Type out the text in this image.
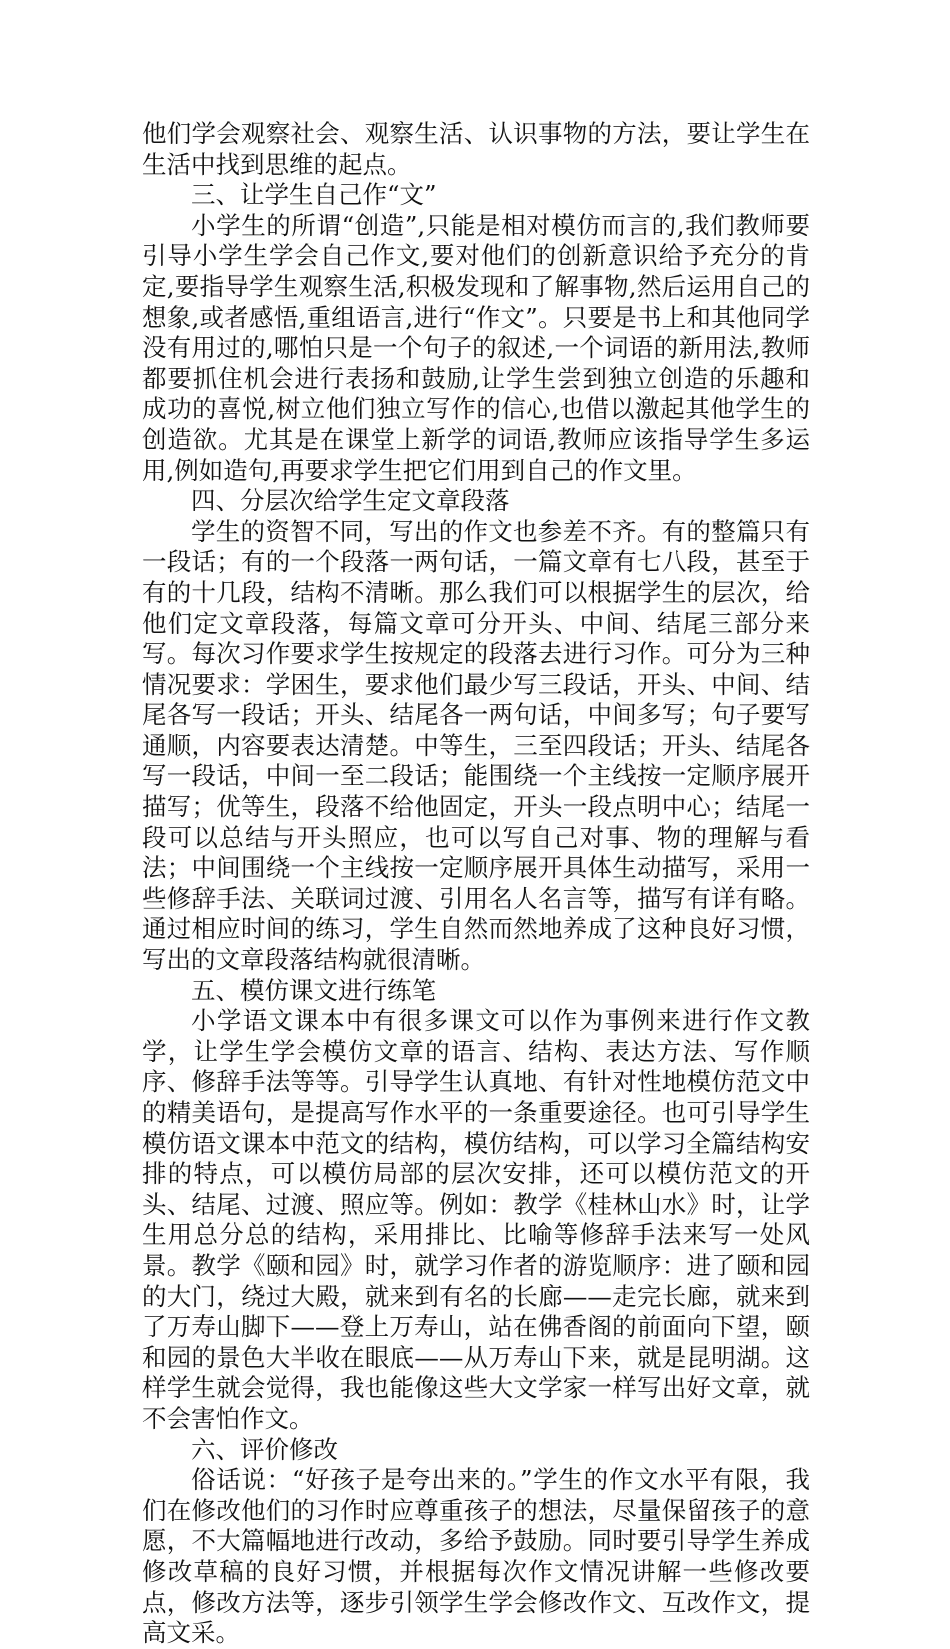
他们学会观察社会、观察生活、认识事物的方法，要让学生在生活中找到思维的起点。

三、让学生自己作“文”

小学生的所谓“创造”,只能是相对模仿而言的,我们教师要引导小学生学会自己作文,要对他们的创新意识给予充分的肯定,要指导学生观察生活,积极发现和了解事物,然后运用自己的想象,或者感悟,重组语言,进行“作文”。只要是书上和其他同学没有用过的,哪怕只是一个句子的叙述,一个词语的新用法,教师都要抓住机会进行表扬和鼓励,让学生尝到独立创造的乐趣和成功的喜悦,树立他们独立写作的信心,也借以激起其他学生的创造欲。尤其是在课堂上新学的词语,教师应该指导学生多运用,例如造句,再要求学生把它们用到自己的作文里。

四、分层次给学生定文章段落

学生的资智不同，写出的作文也参差不齐。有的整篇只有一段话；有的一个段落一两句话，一篇文章有七八段，甚至于有的十几段，结构不清晰。那么我们可以根据学生的层次，给他们定文章段落，每篇文章可分开头、中间、结尾三部分来写。每次习作要求学生按规定的段落去进行习作。可分为三种情况要求：学困生，要求他们最少写三段话，开头、中间、结尾各写一段话；开头、结尾各一两句话，中间多写；句子要写通顺，内容要表达清楚。中等生，三至四段话；开头、结尾各写一段话，中间一至二段话；能围绕一个主线按一定顺序展开描写；优等生，段落不给他固定，开头一段点明中心；结尾一段可以总结与开头照应，也可以写自己对事、物的理解与看法；中间围绕一个主线按一定顺序展开具体生动描写，采用一些修辞手法、关联词过渡、引用名人名言等，描写有详有略。通过相应时间的练习，学生自然而然地养成了这种良好习惯，写出的文章段落结构就很清晰。

五、模仿课文进行练笔

小学语文课本中有很多课文可以作为事例来进行作文教学，让学生学会模仿文章的语言、结构、表达方法、写作顺序、修辞手法等等。引导学生认真地、有针对性地模仿范文中的精美语句，是提高写作水平的一条重要途径。也可引导学生模仿语文课本中范文的结构，模仿结构，可以学习全篇结构安排的特点，可以模仿局部的层次安排，还可以模仿范文的开头、结尾、过渡、照应等。例如：教学《桂林山水》时，让学生用总分总的结构，采用排比、比喻等修辞手法来写一处风景。教学《颐和园》时，就学习作者的游览顺序：进了颐和园的大门，绕过大殿，就来到有名的长廊——走完长廊，就来到了万寿山脚下——登上万寿山，站在佛香阁的前面向下望，颐和园的景色大半收在眼底——从万寿山下来，就是昆明湖。这样学生就会觉得，我也能像这些大文学家一样写出好文章，就不会害怕作文。

六、评价修改

俗话说：“好孩子是夸出来的。”学生的作文水平有限，我们在修改他们的习作时应尊重孩子的想法，尽量保留孩子的意愿，不大篇幅地进行改动，多给予鼓励。同时要引导学生养成修改草稿的良好习惯，并根据每次作文情况讲解一些修改要点，修改方法等，逐步引领学生学会修改作文、互改作文，提高文采。
